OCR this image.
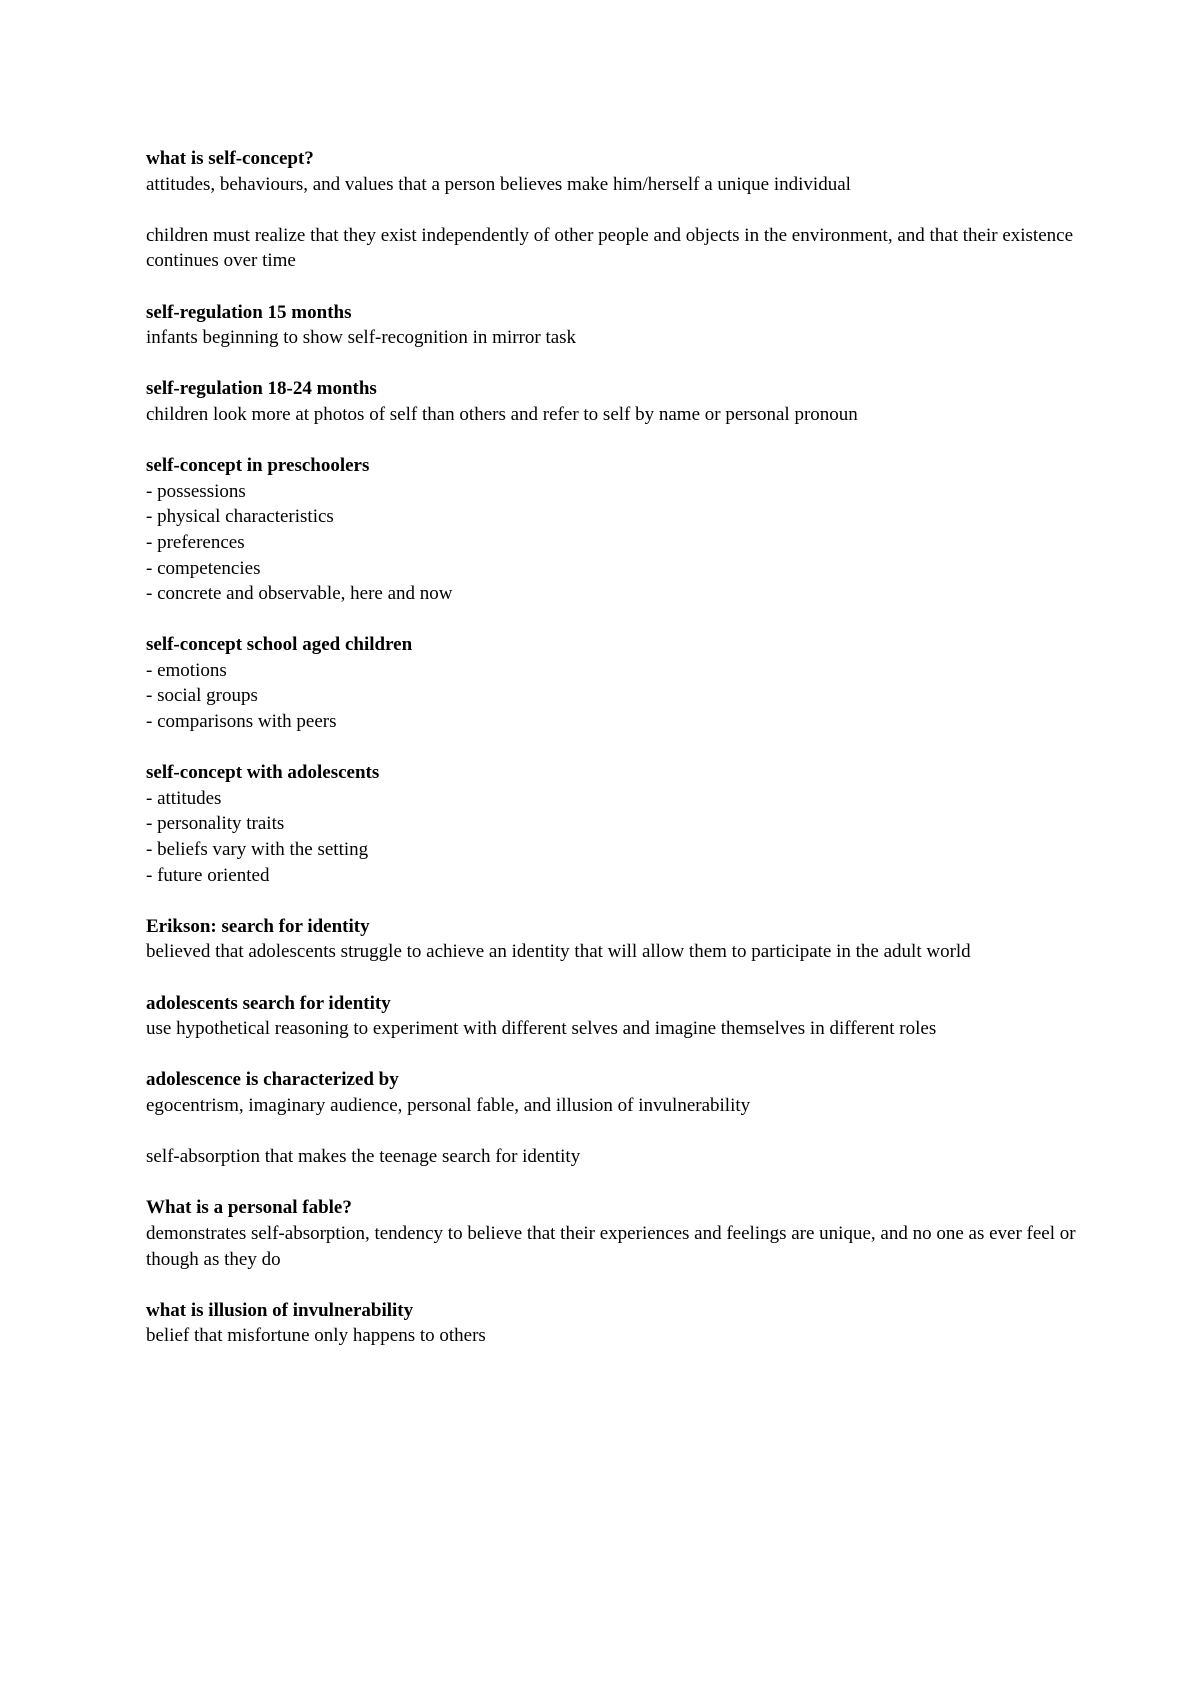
what is self-concept?
attitudes, behaviours, and values that a person believes make him/herself a unique individual
children must realize that they exist independently of other people and objects in the environment, and that their existence continues over time
self-regulation 15 months
infants beginning to show self-recognition in mirror task
self-regulation 18-24 months
children look more at photos of self than others and refer to self by name or personal pronoun
self-concept in preschoolers
- possessions
- physical characteristics
- preferences
- competencies
- concrete and observable, here and now
self-concept school aged children
- emotions
- social groups
- comparisons with peers
self-concept with adolescents
- attitudes
- personality traits
- beliefs vary with the setting
- future oriented
Erikson: search for identity
believed that adolescents struggle to achieve an identity that will allow them to participate in the adult world
adolescents search for identity
use hypothetical reasoning to experiment with different selves and imagine themselves in different roles
adolescence is characterized by
egocentrism, imaginary audience, personal fable, and illusion of invulnerability
self-absorption that makes the teenage search for identity
What is a personal fable?
demonstrates self-absorption, tendency to believe that their experiences and feelings are unique, and no one as ever feel or though as they do
what is illusion of invulnerability
belief that misfortune only happens to others
